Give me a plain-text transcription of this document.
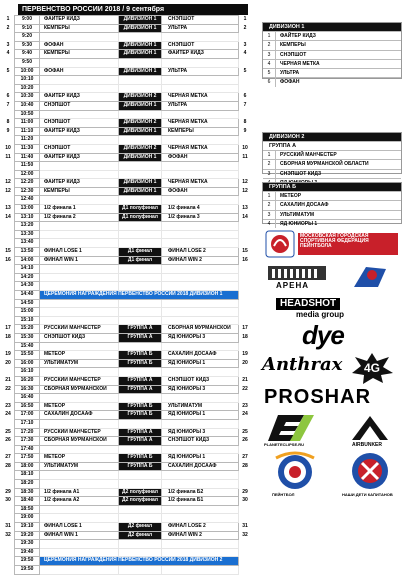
ПЕРВЕНСТВО РОССИИ 2018 / 9 сентября
1	9:00	ФАЙТЕР КИДЗ	ДИВИЗИОН 1	СНЭПШОТ	1
2	9:10	КЕМПЕРЫ	ДИВИЗИОН 1	УЛЬТРА	2
	9:20				
3	9:30	ФОФАН	ДИВИЗИОН 1	СНЭПШОТ	3
4	9:40	КЕМПЕРЫ	ДИВИЗИОН 1	ФАЙТЕР КИДЗ	4
	9:50				
5	10:00	ФОФАН	ДИВИЗИОН 1	УЛЬТРА	5
	10:10				
	10:20				
6	10:30	ФАЙТЕР КИДЗ	ДИВИЗИОН 2	ЧЕРНАЯ МЕТКА	6
7	10:40	СНЭПШОТ	ДИВИЗИОН 1	УЛЬТРА	7
	10:50				
8	11:00	СНЭПШОТ	ДИВИЗИОН 2	ЧЕРНАЯ МЕТКА	8
9	11:10	ФАЙТЕР КИДЗ	ДИВИЗИОН 1	КЕМПЕРЫ	9
	11:20				
10	11:30	СНЭПШОТ	ДИВИЗИОН 2	ЧЕРНАЯ МЕТКА	10
11	11:40	ФАЙТЕР КИДЗ	ДИВИЗИОН 1	ФОФАН	11
	11:50				
	12:00				
12	12:20	ФАЙТЕР КИДЗ	ДИВИЗИОН 1	ЧЕРНАЯ МЕТКА	12
12	12:30	КЕМПЕРЫ	ДИВИЗИОН 1	ФОФАН	12
	12:40				
13	13:00	1/2 финала 1	Д1 полуфинал	1/2 финала 4	13
14	13:10	1/2 финала 2	Д1 полуфинал	1/2 финала 3	14
	13:20				
	13:30				
	13:40				
15	13:50	ФИНАЛ LOSE 1	Д1 финал	ФИНАЛ LOSE 2	15
16	14:00	ФИНАЛ WIN 1	Д1 финал	ФИНАЛ WIN 2	16
	14:10				
	14:20				
	14:30				
	14:40	ЦЕРЕМОНИЯ НАГРАЖДЕНИЯ ПЕРВЕНСТВО РОССИИ 2018 ДИВИЗИОН 1			
	14:50				
	15:00				
	15:10				
17	15:20	РУССКИЙ МАНЧЕСТЕР	ГРУППА А	СБОРНАЯ МУРМАНСКОЙ	17
18	15:30	СНЭПШОТ КИДЗ	ГРУППА А	ЯД ЮНИОРЫ 3	18
	15:40				
19	15:50	МЕТЕОР	ГРУППА Б	САХАЛИН ДОСААФ	19
20	16:00	УЛЬТИМАТУМ	ГРУППА Б	ЯД ЮНИОРЫ 1	20
	16:10				
21	16:20	РУССКИЙ МАНЧЕСТЕР	ГРУППА А	СНЭПШОТ КИДЗ	21
22	16:30	СБОРНАЯ МУРМАНСКОЙ	ГРУППА А	ЯД ЮНИОРЫ 3	22
	16:40				
23	16:50	МЕТЕОР	ГРУППА Б	УЛЬТИМАТУМ	23
24	17:00	САХАЛИН ДОСААФ	ГРУППА Б	ЯД ЮНИОРЫ 1	24
	17:10				
25	17:20	РУССКИЙ МАНЧЕСТЕР	ГРУППА А	ЯД ЮНИОРЫ 3	25
26	17:30	СБОРНАЯ МУРМАНСКОЙ	ГРУППА А	СНЭПШОТ КИДЗ	26
	17:40				
27	17:50	МЕТЕОР	ГРУППА Б	ЯД ЮНИОРЫ 1	27
28	18:00	УЛЬТИМАТУМ	ГРУППА Б	САХАЛИН ДОСААФ	28
	18:10				
	18:20				
29	18:30	1/2 финала А1	Д2 полуфинал	1/2 финала Б2	29
30	18:40	1/2 финала А2	Д2 полуфинал	1/2 финала Б1	30
	18:50				
	19:00				
31	19:10	ФИНАЛ LOSE 1	Д2 финал	ФИНАЛ LOSE 2	31
32	19:20	ФИНАЛ WIN 1	Д2 финал	ФИНАЛ WIN 2	32
	19:30				
	19:40				
	19:50	ЦЕРЕМОНИЯ НАГРАЖДЕНИЯ ПЕРВЕНСТВО РОССИИ 2018 ДИВИЗИОН 2			
	19:50				
ДИВИЗИОН 1
1	ФАЙТЕР КИДЗ
2	КЕМПЕРЫ
3	СНЭПШОТ
4	ЧЕРНАЯ МЕТКА
5	УЛЬТРА
6	ФОФАН
ДИВИЗИОН 2
ГРУППА А
1	РУССКИЙ МАНЧЕСТЕР
2	СБОРНАЯ МУРМАНСКОЙ ОБЛАСТИ
3	СНЭПШОТ КИДЗ
ГРУППА Б
1	МЕТЕОР
2	САХАЛИН ДОСААФ
3	УЛЬТИМАТУМ
4	ЯД ЮНИОРЫ 1
МОСКОВСКАЯ ГОРОДСКАЯ СПОРТИВНАЯ ФЕДЕРАЦИЯ ПЕЙНТБОЛА
АРЕНА
HEADSHOT
media group
dye
Anthrax	4G
PROSHAR
PLANETECLIPSE.RU	AIRBUNKER
ПЕЙНТБОЛ	НАШИ ДЕТИ КАПИТАНОВ
